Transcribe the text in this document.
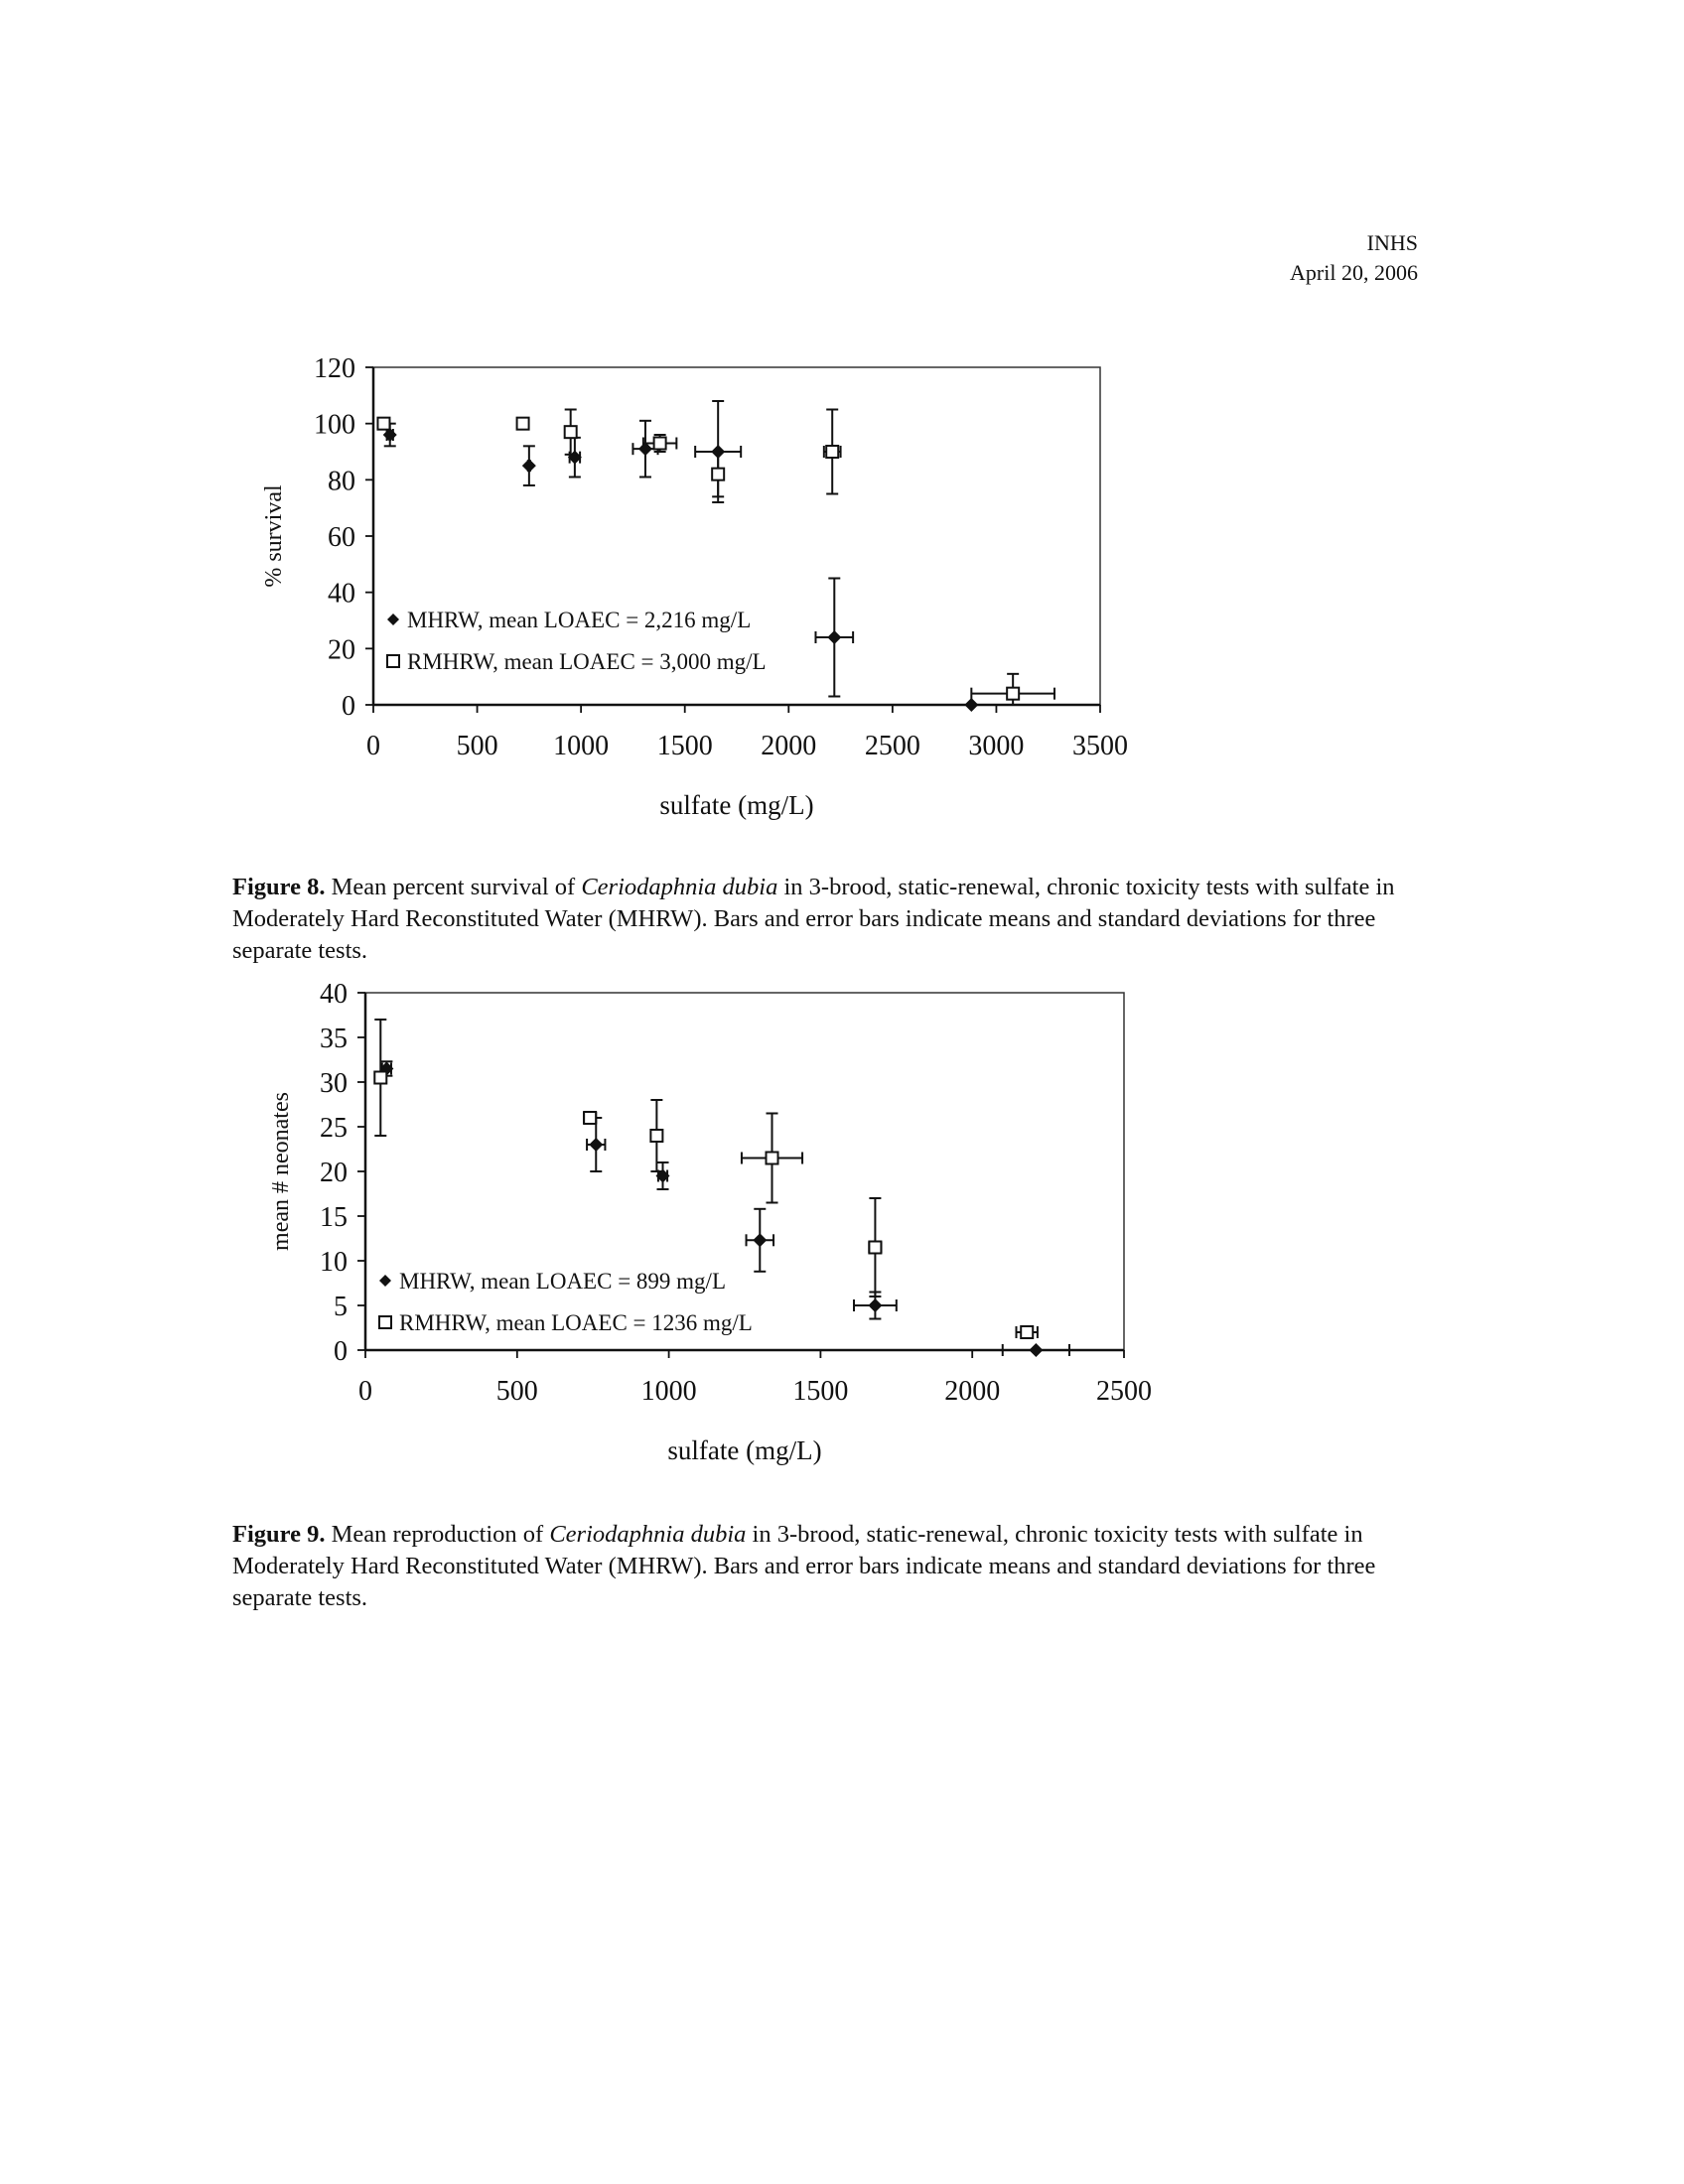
INHS
April 20, 2006
0
20
40
60
80
100
120
0	500 1000 1500 2000 2500 3000 3500
sulfate (mg/L)
% survival
MHRW, mean LOAEC = 2,216 mg/L
RMHRW, mean LOAEC = 3,000 mg/L
Figure 8. Mean percent survival of Ceriodaphnia dubia in 3-brood, static-renewal, chronic toxicity tests with sulfate in Moderately Hard Reconstituted Water (MHRW). Bars and error bars indicate means and standard deviations for three separate tests.
0
5
10
15
20
25
30
35
40
0	500	1000	1500	2000	2500
sulfate (mg/L)
mean # neonates
MHRW, mean LOAEC = 899 mg/L
RMHRW, mean LOAEC = 1236 mg/L
Figure 9. Mean reproduction of Ceriodaphnia dubia in 3-brood, static-renewal, chronic toxicity tests with sulfate in Moderately Hard Reconstituted Water (MHRW). Bars and error bars indicate means and standard deviations for three separate tests.
